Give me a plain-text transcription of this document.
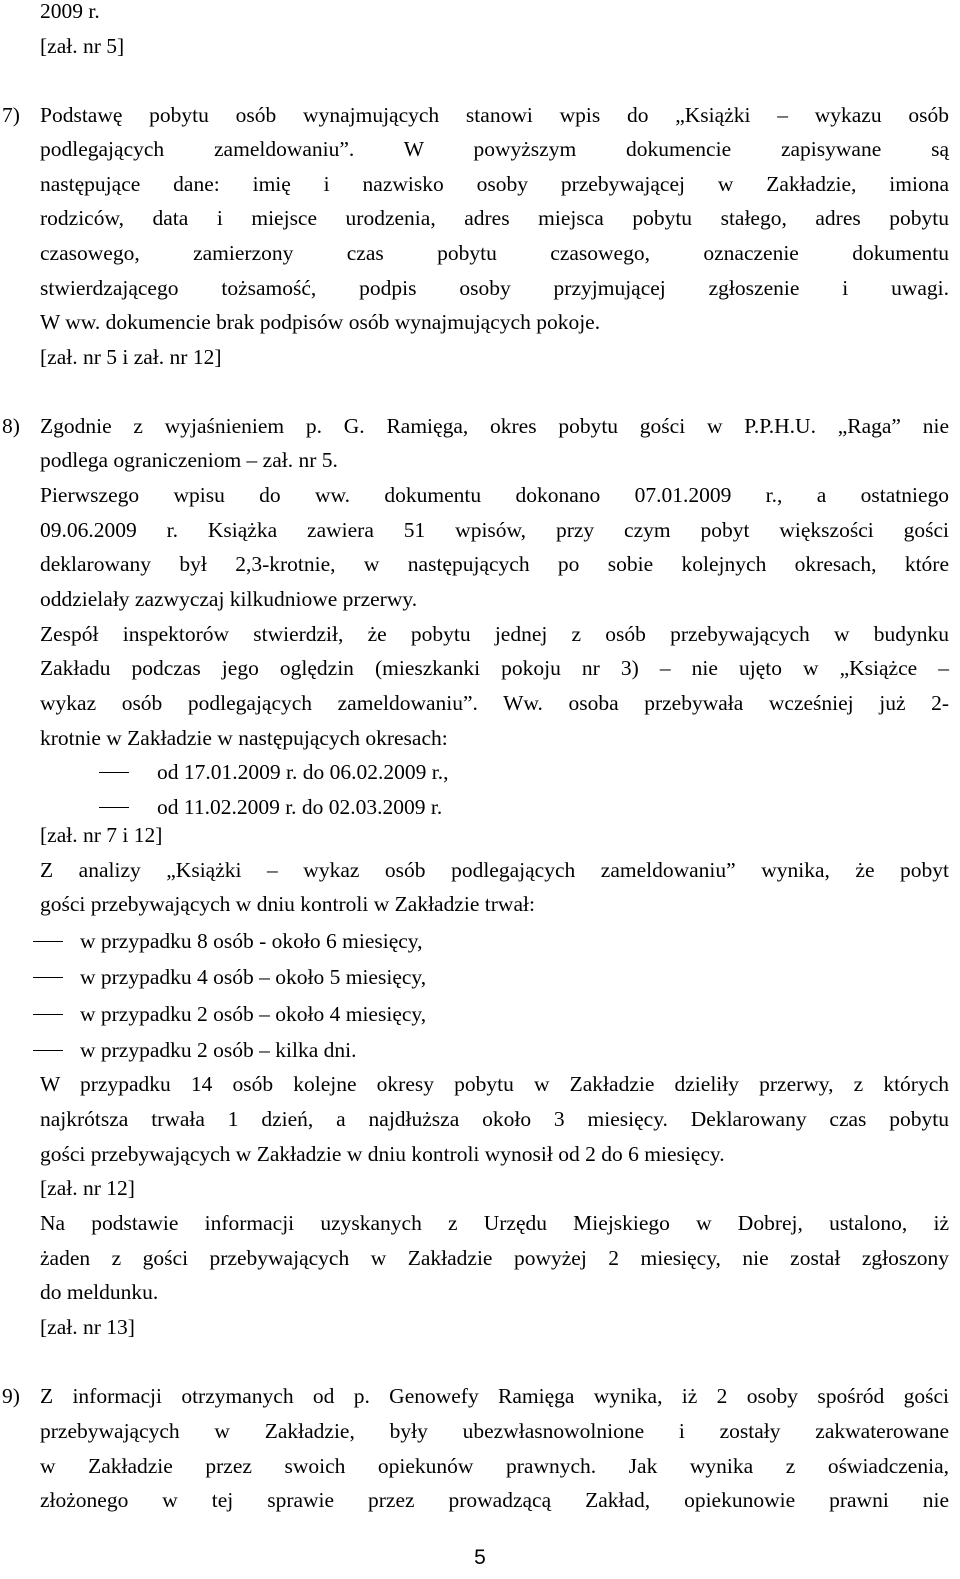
2009 r.
[zał. nr 5]
7) Podstawę pobytu osób wynajmujących stanowi wpis do „Książki – wykazu osób
podlegających zameldowaniu”. W powyższym dokumencie zapisywane są
następujące dane: imię i nazwisko osoby przebywającej w Zakładzie, imiona
rodziców, data i miejsce urodzenia, adres miejsca pobytu stałego, adres pobytu
czasowego, zamierzony czas pobytu czasowego, oznaczenie dokumentu
stwierdzającego tożsamość, podpis osoby przyjmującej zgłoszenie i uwagi.
W ww. dokumencie brak podpisów osób wynajmujących pokoje.
[zał. nr 5 i zał. nr 12]
8) Zgodnie z wyjaśnieniem p. G. Ramięga, okres pobytu gości w P.P.H.U. „Raga” nie
podlega ograniczeniom – zał. nr 5.
Pierwszego wpisu do ww. dokumentu dokonano 07.01.2009 r., a ostatniego
09.06.2009 r. Książka zawiera 51 wpisów, przy czym pobyt większości gości
deklarowany był 2,3-krotnie, w następujących po sobie kolejnych okresach, które
oddzielały zazwyczaj kilkudniowe przerwy.
Zespół inspektorów stwierdził, że pobytu jednej z osób przebywających w budynku
Zakładu podczas jego oględzin (mieszkanki pokoju nr 3) – nie ujęto w „Książce –
wykaz osób podlegających zameldowaniu”. Ww. osoba przebywała wcześniej już 2-
krotnie w Zakładzie w następujących okresach:
od 17.01.2009 r. do 06.02.2009 r.,
od 11.02.2009 r. do 02.03.2009 r.
[zał. nr 7 i 12]
Z analizy „Książki – wykaz osób podlegających zameldowaniu” wynika, że pobyt
gości przebywających w dniu kontroli w Zakładzie trwał:
w przypadku 8 osób - około 6 miesięcy,
w przypadku 4 osób – około 5 miesięcy,
w przypadku 2 osób – około 4 miesięcy,
w przypadku 2 osób – kilka dni.
W przypadku 14 osób kolejne okresy pobytu w Zakładzie dzieliły przerwy, z których
najkrótsza trwała 1 dzień, a najdłuższa około 3 miesięcy. Deklarowany czas pobytu
gości przebywających w Zakładzie w dniu kontroli wynosił od 2 do 6 miesięcy.
[zał. nr 12]
Na podstawie informacji uzyskanych z Urzędu Miejskiego w Dobrej, ustalono, iż
żaden z gości przebywających w Zakładzie powyżej 2 miesięcy, nie został zgłoszony
do meldunku.
[zał. nr 13]
9) Z informacji otrzymanych od p. Genowefy Ramięga wynika, iż 2 osoby spośród gości
przebywających w Zakładzie, były ubezwłasnowolnione i zostały zakwaterowane
w Zakładzie przez swoich opiekunów prawnych. Jak wynika z oświadczenia,
złożonego w tej sprawie przez prowadzącą Zakład, opiekunowie prawni nie
5
